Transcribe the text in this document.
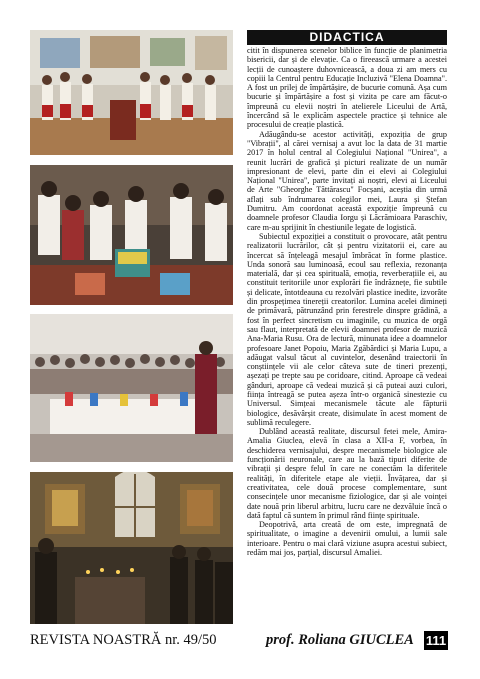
DIDACTICA

citit în dispunerea scenelor biblice în funcție de planimetria bisericii, dar și de elevație. Ca o fireească urmare a acestei lecții de cunoaștere duhovnicească, a doua zi am mers cu copiii la Centrul pentru Educație Incluzivă "Elena Doamna". A fost un prilej de împărtășire, de bucurie comună. Așa cum bucurie și împărtășire a fost și vizita pe care am făcut-o împreună cu elevii noștri în atelierele Liceului de Artă, încercând să le explicăm aspectele practice și tehnice ale procesului de creație plastică.

Adăugându-se acestor activități, expoziția de grup "Vibrații", al cărei vernisaj a avut loc la data de 31 martie 2017 în holul central al Colegiului Național "Unirea", a reunit lucrări de grafică și picturi realizate de un număr impresionant de elevi, parte din ei elevi ai Colegiului Național "Unirea", parte invitați ai noștri, elevi ai Liceului de Arte "Gheorghe Tăttărascu" Focșani, aceștia din urmă aflați sub îndrumarea colegilor mei, Laura și Ștefan Dumitru. Am coordonat această expoziție împreună cu doamnele profesor Claudia Iorgu și Lăcrămioara Paraschiv, care m-au sprijinit în chestiunile legate de logistică.

Subiectul expoziției a constituit o provocare, atât pentru realizatorii lucrărilor, cât și pentru vizitatorii ei, care au încercat să înțeleagă mesajul îmbrăcat în forme plastice. Unda sonoră sau luminoasă, ecoul sau reflexia, rezonanța materială, dar și cea spirituală, emoția, reverberațiile ei, au constituit teritoriile unor explorări fie îndrăznețe, fie subtile și delicate, întotdeauna cu rezolvări plastice inedite, izvorâte din prospețimea tinereții creatorilor. Lumina acelei dimineți de primăvară, pătrunzând prin ferestrele dinspre grădină, a fost în perfect sincretism cu imaginile, cu muzica de orgă sau flaut, interpretată de elevii doamnei profesor de muzică Ana-Maria Rusu. Ora de lectură, minunata idee a doamnelor profesoare Janet Popoiu, Maria Zgăbărdici și Maria Lupu, a adăugat valsul tăcut al cuvintelor, desenând traiectorii în conștiințele vii ale celor câteva sute de tineri prezenți, așezați pe trepte sau pe coridoare, citind. Aproape că vedeai gânduri, aproape că vedeai muzică și că puteai auzi culori, ființa întreagă se putea așeza într-o organică sinestezie cu Universul. Simțeai mecanismele tăcute ale făpturii biologice, desăvârșit create, disimulate în acest moment de sublimă reculegere.

Dublând această realitate, discursul fetei mele, Amira-Amalia Giuclea, elevă în clasa a XII-a F, vorbea, în deschiderea vernisajului, despre mecanismele biologice ale funcționării neuronale, care au la bază tipuri diferite de vibrații și despre felul în care ne conectăm la diferitele realități, în diferitele etape ale vieții. Învățarea, dar și creativitatea, cele două procese complementare, sunt consecințele unor mecanisme fiziologice, dar și ale voinței date nouă prin liberul arbitru, lucru care ne dezvăluie încă o dată faptul că suntem în primul rând ființe spirituale.

Deopotrivă, arta creată de om este, impregnată de spiritualitate, o imagine a devenirii omului, a lumii sale interioare. Pentru o mai clară viziune asupra acestui subiect, redăm mai jos, parțial, discursul Amaliei.

REVISTA NOASTRĂ nr. 49/50	prof. Roliana GIUCLEA 111
